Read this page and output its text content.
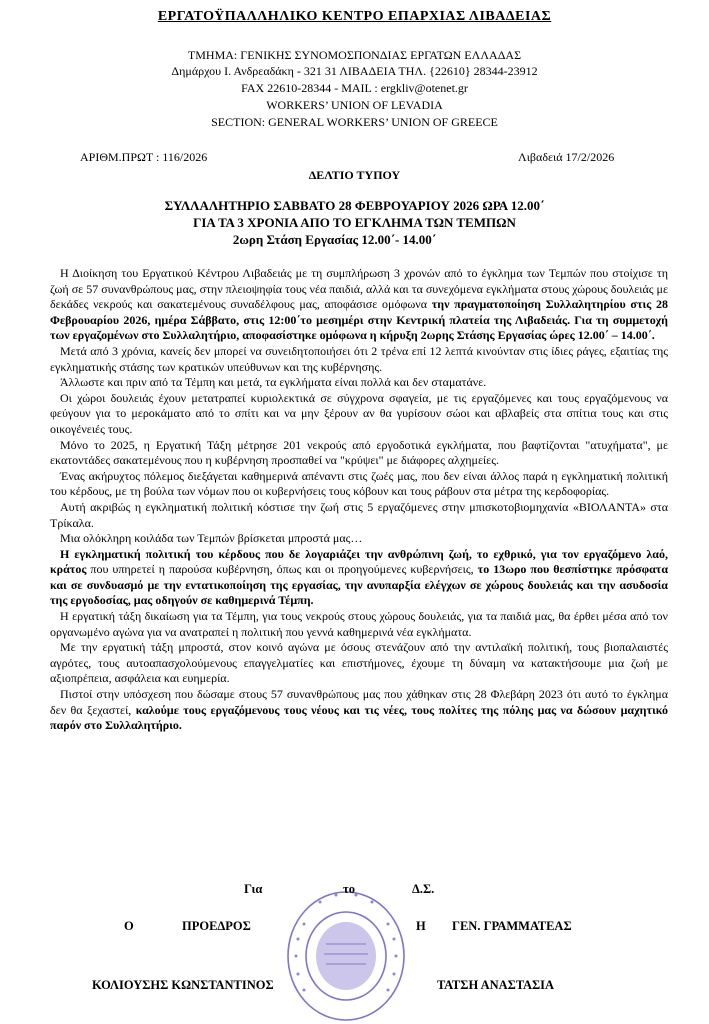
ΕΡΓΑΤΟΫΠΑΛΛΗΛΙΚΟ ΚΕΝΤΡΟ ΕΠΑΡΧΙΑΣ ΛΙΒΑΔΕΙΑΣ
ΤΜΗΜΑ: ΓΕΝΙΚΗΣ ΣΥΝΟΜΟΣΠΟΝΔΙΑΣ ΕΡΓΑΤΩΝ ΕΛΛΑΔΑΣ
Δημάρχου Ι. Ανδρεαδάκη - 321 31 ΛΙΒΑΔΕΙΑ ΤΗΛ. {22610} 28344-23912
FAX 22610-28344 - MAIL : ergkliv@otenet.gr
WORKERS’ UNION OF LEVADIA
SECTION: GENERAL WORKERS’ UNION OF GREECE
ΑΡΙΘΜ.ΠΡΩΤ : 116/2026	Λιβαδειά 17/2/2026
ΔΕΛΤΙΟ ΤΥΠΟΥ
ΣΥΛΛΑΛΗΤΗΡΙΟ ΣΑΒΒΑΤΟ 28 ΦΕΒΡΟΥΑΡΙΟΥ 2026 ΩΡΑ 12.00΄
ΓΙΑ ΤΑ 3 ΧΡΟΝΙΑ ΑΠΟ ΤΟ ΕΓΚΛΗΜΑ ΤΩΝ ΤΕΜΠΩΝ
2ωρη Στάση Εργασίας 12.00΄- 14.00΄

Η Διοίκηση του Εργατικού Κέντρου Λιβαδειάς με τη συμπλήρωση 3 χρονών από το έγκλημα των Τεμπών που στοίχισε τη ζωή σε 57 συνανθρώπους μας, στην πλειοψηφία τους νέα παιδιά, αλλά και τα συνεχόμενα εγκλήματα στους χώρους δουλειάς με δεκάδες νεκρούς και σακατεμένους συναδέλφους μας, αποφάσισε ομόφωνα την πραγματοποίηση Συλλαλητηρίου στις 28 Φεβρουαρίου 2026, ημέρα Σάββατο, στις 12:00΄το μεσημέρι στην Κεντρική πλατεία της Λιβαδειάς. Για τη συμμετοχή των εργαζομένων στο Συλλαλητήριο, αποφασίστηκε ομόφωνα η κήρυξη 2ωρης Στάσης Εργασίας ώρες 12.00΄ – 14.00΄.

Μετά από 3 χρόνια, κανείς δεν μπορεί να συνειδητοποιήσει ότι 2 τρένα επί 12 λεπτά κινούνταν στις ίδιες ράγες, εξαιτίας της εγκληματικής στάσης των κρατικών υπεύθυνων και της κυβέρνησης.

Άλλωστε και πριν από τα Τέμπη και μετά, τα εγκλήματα είναι πολλά και δεν σταματάνε.

Οι χώροι δουλειάς έχουν μετατραπεί κυριολεκτικά σε σύγχρονα σφαγεία, με τις εργαζόμενες και τους εργαζόμενους να φεύγουν για το μεροκάματο από το σπίτι και να μην ξέρουν αν θα γυρίσουν σώοι και αβλαβείς στα σπίτια τους και στις οικογένειές τους.

Μόνο το 2025, η Εργατική Τάξη μέτρησε 201 νεκρούς από εργοδοτικά εγκλήματα, που βαφτίζονται "ατυχήματα", με εκατοντάδες σακατεμένους που η κυβέρνηση προσπαθεί να "κρύψει" με διάφορες αλχημείες.

Ένας ακήρυχτος πόλεμος διεξάγεται καθημερινά απέναντι στις ζωές μας, που δεν είναι άλλος παρά η εγκληματική πολιτική του κέρδους, με τη βούλα των νόμων που οι κυβερνήσεις τους κόβουν και τους ράβουν στα μέτρα της κερδοφορίας.

Αυτή ακριβώς η εγκληματική πολιτική κόστισε την ζωή στις 5 εργαζόμενες στην μπισκοτοβιομηχανία «ΒΙΟΛΑΝΤΑ» στα Τρίκαλα.

Μια ολόκληρη κοιλάδα των Τεμπών βρίσκεται μπροστά μας…

Η εγκληματική πολιτική του κέρδους που δε λογαριάζει την ανθρώπινη ζωή, το εχθρικό, για τον εργαζόμενο λαό, κράτος που υπηρετεί η παρούσα κυβέρνηση, όπως και οι προηγούμενες κυβερνήσεις, το 13ωρο που θεσπίστηκε πρόσφατα και σε συνδυασμό με την εντατικοποίηση της εργασίας, την ανυπαρξία ελέγχων σε χώρους δουλειάς και την ασυδοσία της εργοδοσίας, μας οδηγούν σε καθημερινά Τέμπη.

Η εργατική τάξη δικαίωση για τα Τέμπη, για τους νεκρούς στους χώρους δουλειάς, για τα παιδιά μας, θα έρθει μέσα από τον οργανωμένο αγώνα για να ανατραπεί η πολιτική που γεννά καθημερινά νέα εγκλήματα.

Με την εργατική τάξη μπροστά, στον κοινό αγώνα με όσους στενάζουν από την αντιλαϊκή πολιτική, τους βιοπαλαιστές αγρότες, τους αυτοαπασχολούμενους επαγγελματίες και επιστήμονες, έχουμε τη δύναμη να κατακτήσουμε μια ζωή με αξιοπρέπεια, ασφάλεια και ευημερία.

Πιστοί στην υπόσχεση που δώσαμε στους 57 συνανθρώπους μας που χάθηκαν στις 28 Φλεβάρη 2023 ότι αυτό το έγκλημα δεν θα ξεχαστεί, καλούμε τους εργαζόμενους τους νέους και τις νέες, τους πολίτες της πόλης μας να δώσουν μαχητικό παρόν στο Συλλαλητήριο.

Για	το	Δ.Σ.
Ο	ΠΡΟΕΔΡΟΣ	Η ΓΕΝ. ΓΡΑΜΜΑΤΕΑΣ
ΚΟΛΙΟΥΣΗΣ ΚΩΝΣΤΑΝΤΙΝΟΣ	ΤΑΤΣΗ ΑΝΑΣΤΑΣΙΑ
